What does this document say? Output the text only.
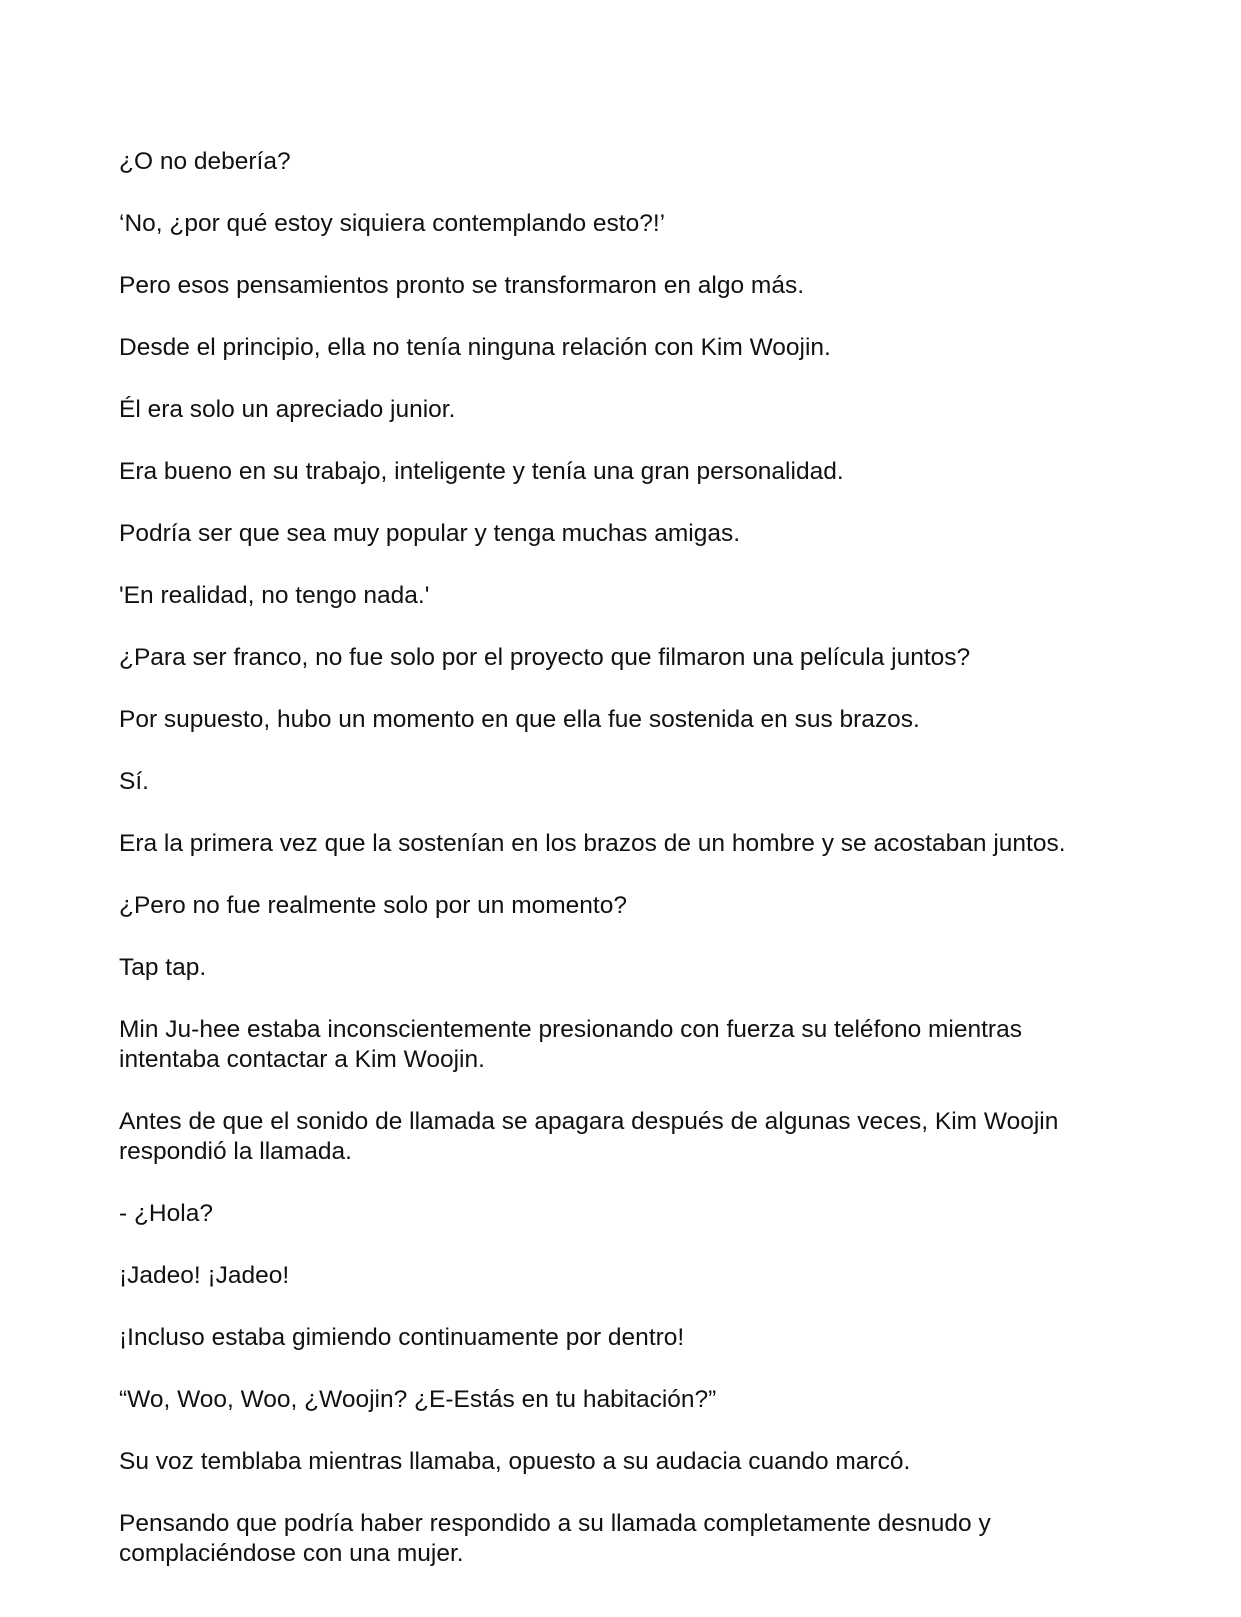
¿O no debería?

‘No, ¿por qué estoy siquiera contemplando esto?!’

Pero esos pensamientos pronto se transformaron en algo más.

Desde el principio, ella no tenía ninguna relación con Kim Woojin.

Él era solo un apreciado junior.

Era bueno en su trabajo, inteligente y tenía una gran personalidad.

Podría ser que sea muy popular y tenga muchas amigas.

'En realidad, no tengo nada.'

¿Para ser franco, no fue solo por el proyecto que filmaron una película juntos?

Por supuesto, hubo un momento en que ella fue sostenida en sus brazos.

Sí.

Era la primera vez que la sostenían en los brazos de un hombre y se acostaban juntos.

¿Pero no fue realmente solo por un momento?

Tap tap.

Min Ju-hee estaba inconscientemente presionando con fuerza su teléfono mientras intentaba contactar a Kim Woojin.

Antes de que el sonido de llamada se apagara después de algunas veces, Kim Woojin respondió la llamada.

- ¿Hola?

¡Jadeo! ¡Jadeo!

¡Incluso estaba gimiendo continuamente por dentro!

“Wo, Woo, Woo, ¿Woojin? ¿E-Estás en tu habitación?”

Su voz temblaba mientras llamaba, opuesto a su audacia cuando marcó.

Pensando que podría haber respondido a su llamada completamente desnudo y complaciéndose con una mujer.
